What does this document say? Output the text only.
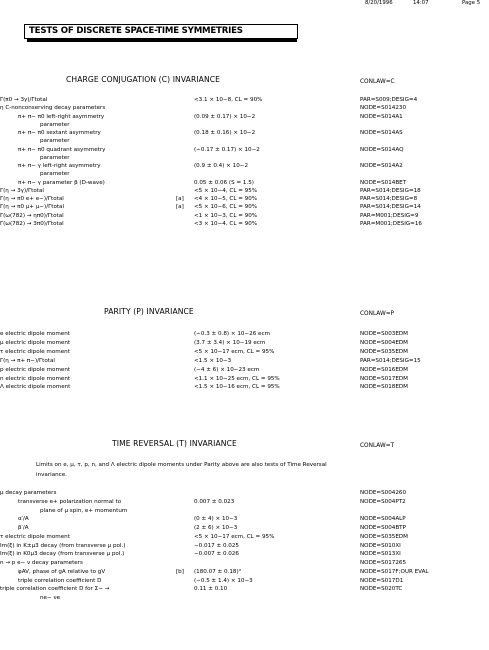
8/20/1996	14:07	Page 5
TESTS OF DISCRETE SPACE-TIME SYMMETRIES
CHARGE CONJUGATION (C) INVARIANCE	CONLAW=C
Γ(π0 → 3γ)/Γtotal	<3.1 × 10−8, CL = 90%	PAR=S009;DESIG=4
η C-nonconserving decay parameters	NODE=S014230
π+ π− π0 left-right asymmetry	(0.09 ± 0.17) × 10−2	NODE=S014A1
parameter
π+ π− π0 sextant asymmetry	(0.18 ± 0.16) × 10−2	NODE=S014AS
parameter
π+ π− π0 quadrant asymmetry	(−0.17 ± 0.17) × 10−2	NODE=S014AQ
parameter
π+ π− γ left-right asymmetry	(0.9 ± 0.4) × 10−2	NODE=S014A2
parameter
π+ π− γ parameter β (D-wave)	0.05 ± 0.06 (S = 1.5)	NODE=S014BET
Γ(η → 3γ)/Γtotal	<5 × 10−4, CL = 95%	PAR=S014;DESIG=18
Γ(η → π0 e+ e−)/Γtotal	[a] <4 × 10−5, CL = 90%	PAR=S014;DESIG=8
Γ(η → π0 μ+ μ−)/Γtotal	[a] <5 × 10−6, CL = 90%	PAR=S014;DESIG=14
Γ(ω(782) → ηπ0)/Γtotal	<1 × 10−3, CL = 90%	PAR=M001;DESIG=9
Γ(ω(782) → 3π0)/Γtotal	<3 × 10−4, CL = 90%	PAR=M001;DESIG=16
PARITY (P) INVARIANCE	CONLAW=P
e electric dipole moment	(−0.3 ± 0.8) × 10−26 ecm	NODE=S003EDM
μ electric dipole moment	(3.7 ± 3.4) × 10−19 ecm	NODE=S004EDM
τ electric dipole moment	<5 × 10−17 ecm, CL = 95%	NODE=S035EDM
Γ(η → π+ π−)/Γtotal	<1.5 × 10−3	PAR=S014;DESIG=15
p electric dipole moment	(−4 ± 6) × 10−23 ecm	NODE=S016EDM
n electric dipole moment	<1.1 × 10−25 ecm, CL = 95%	NODE=S017EDM
Λ electric dipole moment	<1.5 × 10−16 ecm, CL = 95%	NODE=S018EDM
TIME REVERSAL (T) INVARIANCE	CONLAW=T
Limits on e, μ, τ, p, n, and Λ electric dipole moments under Parity above are also tests of Time Reversal invariance.
μ decay parameters	NODE=S004260
transverse e+ polarization normal to	0.007 ± 0.023	NODE=S004PT2
plane of μ spin, e+ momentum
α′/A	(0 ± 4) × 10−3	NODE=S004ALP
β′/A	(2 ± 6) × 10−3	NODE=S004BTP
τ electric dipole moment	<5 × 10−17 ecm, CL = 95%	NODE=S035EDM
Im(ξ) in K±μ3 decay (from transverse μ pol.)	−0.017 ± 0.025	NODE=S010XI
Im(ξ) in K0μ3 decay (from transverse μ pol.)	−0.007 ± 0.026	NODE=S013XI
n → p e− ν decay parameters	NODE=S017265
φAV, phase of gA relative to gV	[b] (180.07 ± 0.18)°	NODE=S017F;OUR EVAL
triple correlation coefficient D	(−0.5 ± 1.4) × 10−3	NODE=S017D1
triple correlation coefficient D for Σ− →	0.11 ± 0.10	NODE=S020TC
ne− νe
